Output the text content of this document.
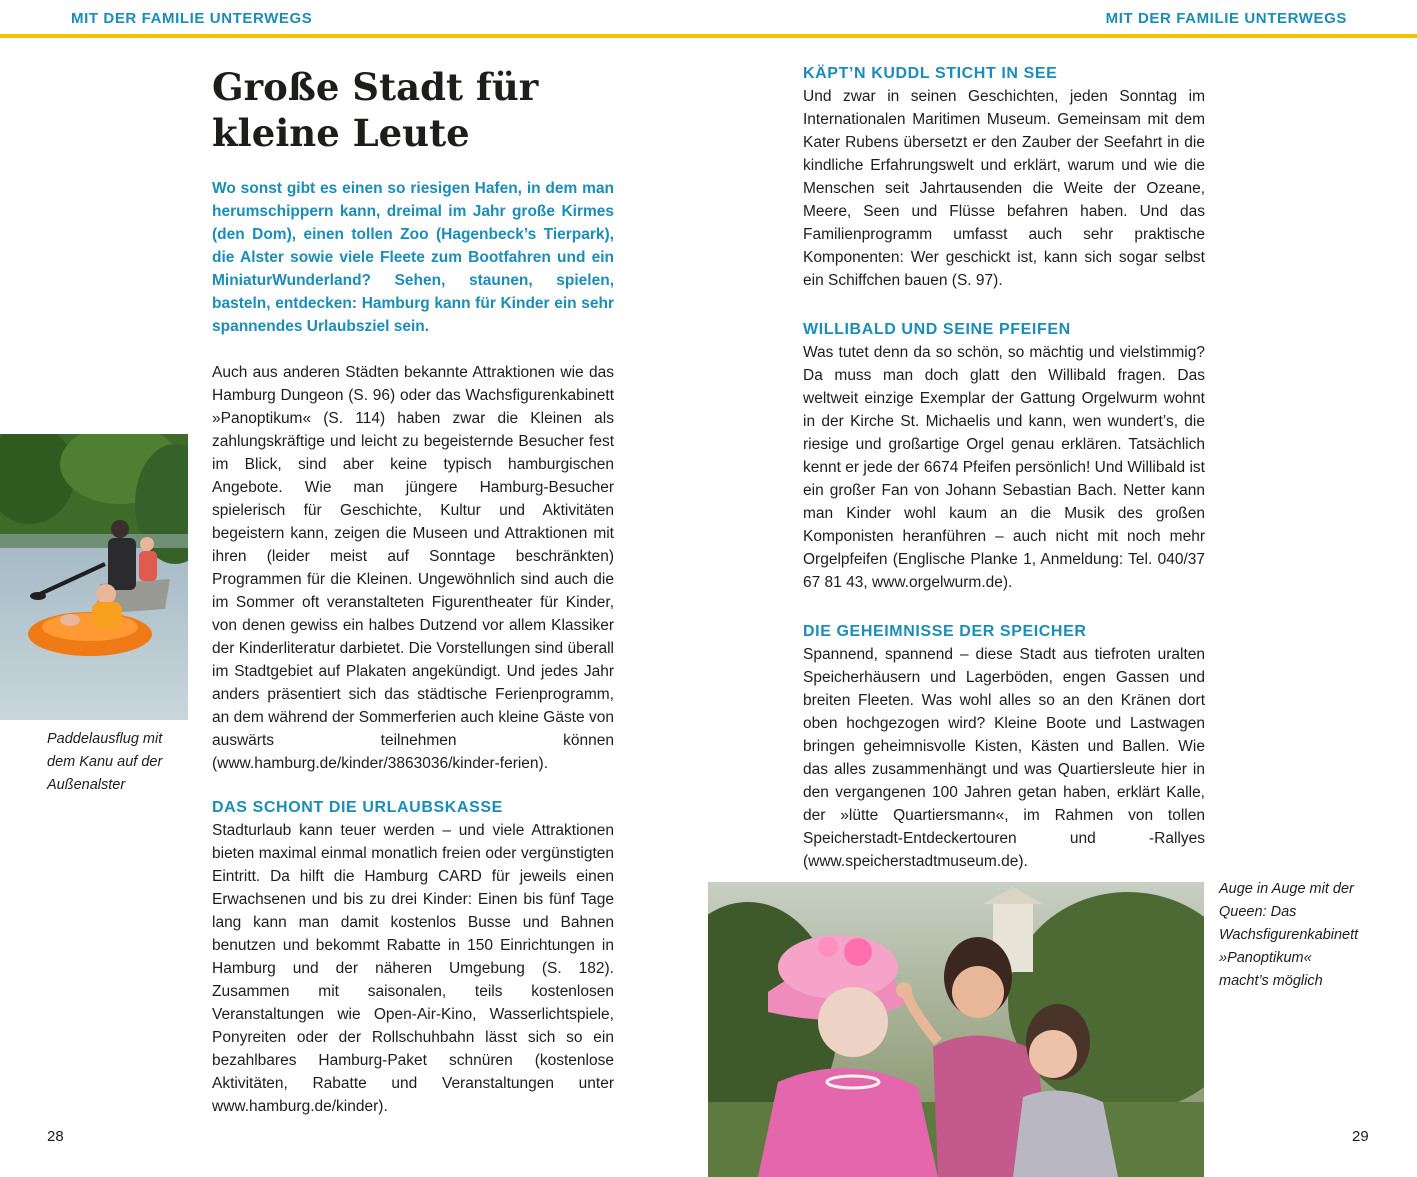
MIT DER FAMILIE UNTERWEGS	MIT DER FAMILIE UNTERWEGS
Große Stadt für
kleine Leute

Wo sonst gibt es einen so riesigen Hafen, in dem man herumschippern kann, dreimal im Jahr große Kirmes (den Dom), einen tollen Zoo (Hagenbeck’s Tierpark), die Alster sowie viele Fleete zum Bootfahren und ein MiniaturWunderland? Sehen, staunen, spielen, basteln, entdecken: Hamburg kann für Kinder ein sehr spannendes Urlaubsziel sein.

Auch aus anderen Städten bekannte Attraktionen wie das Hamburg Dungeon (S. 96) oder das Wachsfigurenkabinett »Panoptikum« (S. 114) haben zwar die Kleinen als zahlungskräftige und leicht zu begeisternde Besucher fest im Blick, sind aber keine typisch hamburgischen Angebote. Wie man jüngere Hamburg-Besucher spielerisch für Geschichte, Kultur und Aktivitäten begeistern kann, zeigen die Museen und Attraktionen mit ihren (leider meist auf Sonntage beschränkten) Programmen für die Kleinen. Ungewöhnlich sind auch die im Sommer oft veranstalteten Figurentheater für Kinder, von denen gewiss ein halbes Dutzend vor allem Klassiker der Kinderliteratur darbietet. Die Vorstellungen sind überall im Stadtgebiet auf Plakaten angekündigt. Und jedes Jahr anders präsentiert sich das städtische Ferienprogramm, an dem während der Sommerferien auch kleine Gäste von auswärts teilnehmen können (www.hamburg.de/kinder/3863036/kinder-ferien).

DAS SCHONT DIE URLAUBSKASSE

Stadturlaub kann teuer werden – und viele Attraktionen bieten maximal einmal monatlich freien oder vergünstigten Eintritt. Da hilft die Hamburg CARD für jeweils einen Erwachsenen und bis zu drei Kinder: Einen bis fünf Tage lang kann man damit kostenlos Busse und Bahnen benutzen und bekommt Rabatte in 150 Einrichtungen in Hamburg und der näheren Umgebung (S. 182). Zusammen mit saisonalen, teils kostenlosen Veranstaltungen wie Open-Air-Kino, Wasserlichtspiele, Ponyreiten oder der Rollschuhbahn lässt sich so ein bezahlbares Hamburg-Paket schnüren (kostenlose Aktivitäten, Rabatte und Veranstaltungen unter www.hamburg.de/kinder).

Paddelausflug mit dem Kanu auf der Außenalster

28
KÄPT’N KUDDL STICHT IN SEE

Und zwar in seinen Geschichten, jeden Sonntag im Internationalen Maritimen Museum. Gemeinsam mit dem Kater Rubens übersetzt er den Zauber der Seefahrt in die kindliche Erfahrungswelt und erklärt, warum und wie die Menschen seit Jahrtausenden die Weite der Ozeane, Meere, Seen und Flüsse befahren haben. Und das Familienprogramm umfasst auch sehr praktische Komponenten: Wer geschickt ist, kann sich sogar selbst ein Schiffchen bauen (S. 97).

WILLIBALD UND SEINE PFEIFEN

Was tutet denn da so schön, so mächtig und vielstimmig? Da muss man doch glatt den Willibald fragen. Das weltweit einzige Exemplar der Gattung Orgelwurm wohnt in der Kirche St. Michaelis und kann, wen wundert’s, die riesige und großartige Orgel genau erklären. Tatsächlich kennt er jede der 6674 Pfeifen persönlich! Und Willibald ist ein großer Fan von Johann Sebastian Bach. Netter kann man Kinder wohl kaum an die Musik des großen Komponisten heranführen – auch nicht mit noch mehr Orgelpfeifen (Englische Planke 1, Anmeldung: Tel. 040/37 67 81 43, www.orgelwurm.de).

DIE GEHEIMNISSE DER SPEICHER

Spannend, spannend – diese Stadt aus tiefroten uralten Speicherhäusern und Lagerböden, engen Gassen und breiten Fleeten. Was wohl alles so an den Kränen dort oben hochgezogen wird? Kleine Boote und Lastwagen bringen geheimnisvolle Kisten, Kästen und Ballen. Wie das alles zusammenhängt und was Quartiersleute hier in den vergangenen 100 Jahren getan haben, erklärt Kalle, der »lütte Quartiersmann«, im Rahmen von tollen Speicherstadt-Entdeckertouren und -Rallyes (www.speicherstadtmuseum.de).

Auge in Auge mit der Queen: Das Wachsfigurenkabinett »Panoptikum« macht’s möglich

29
